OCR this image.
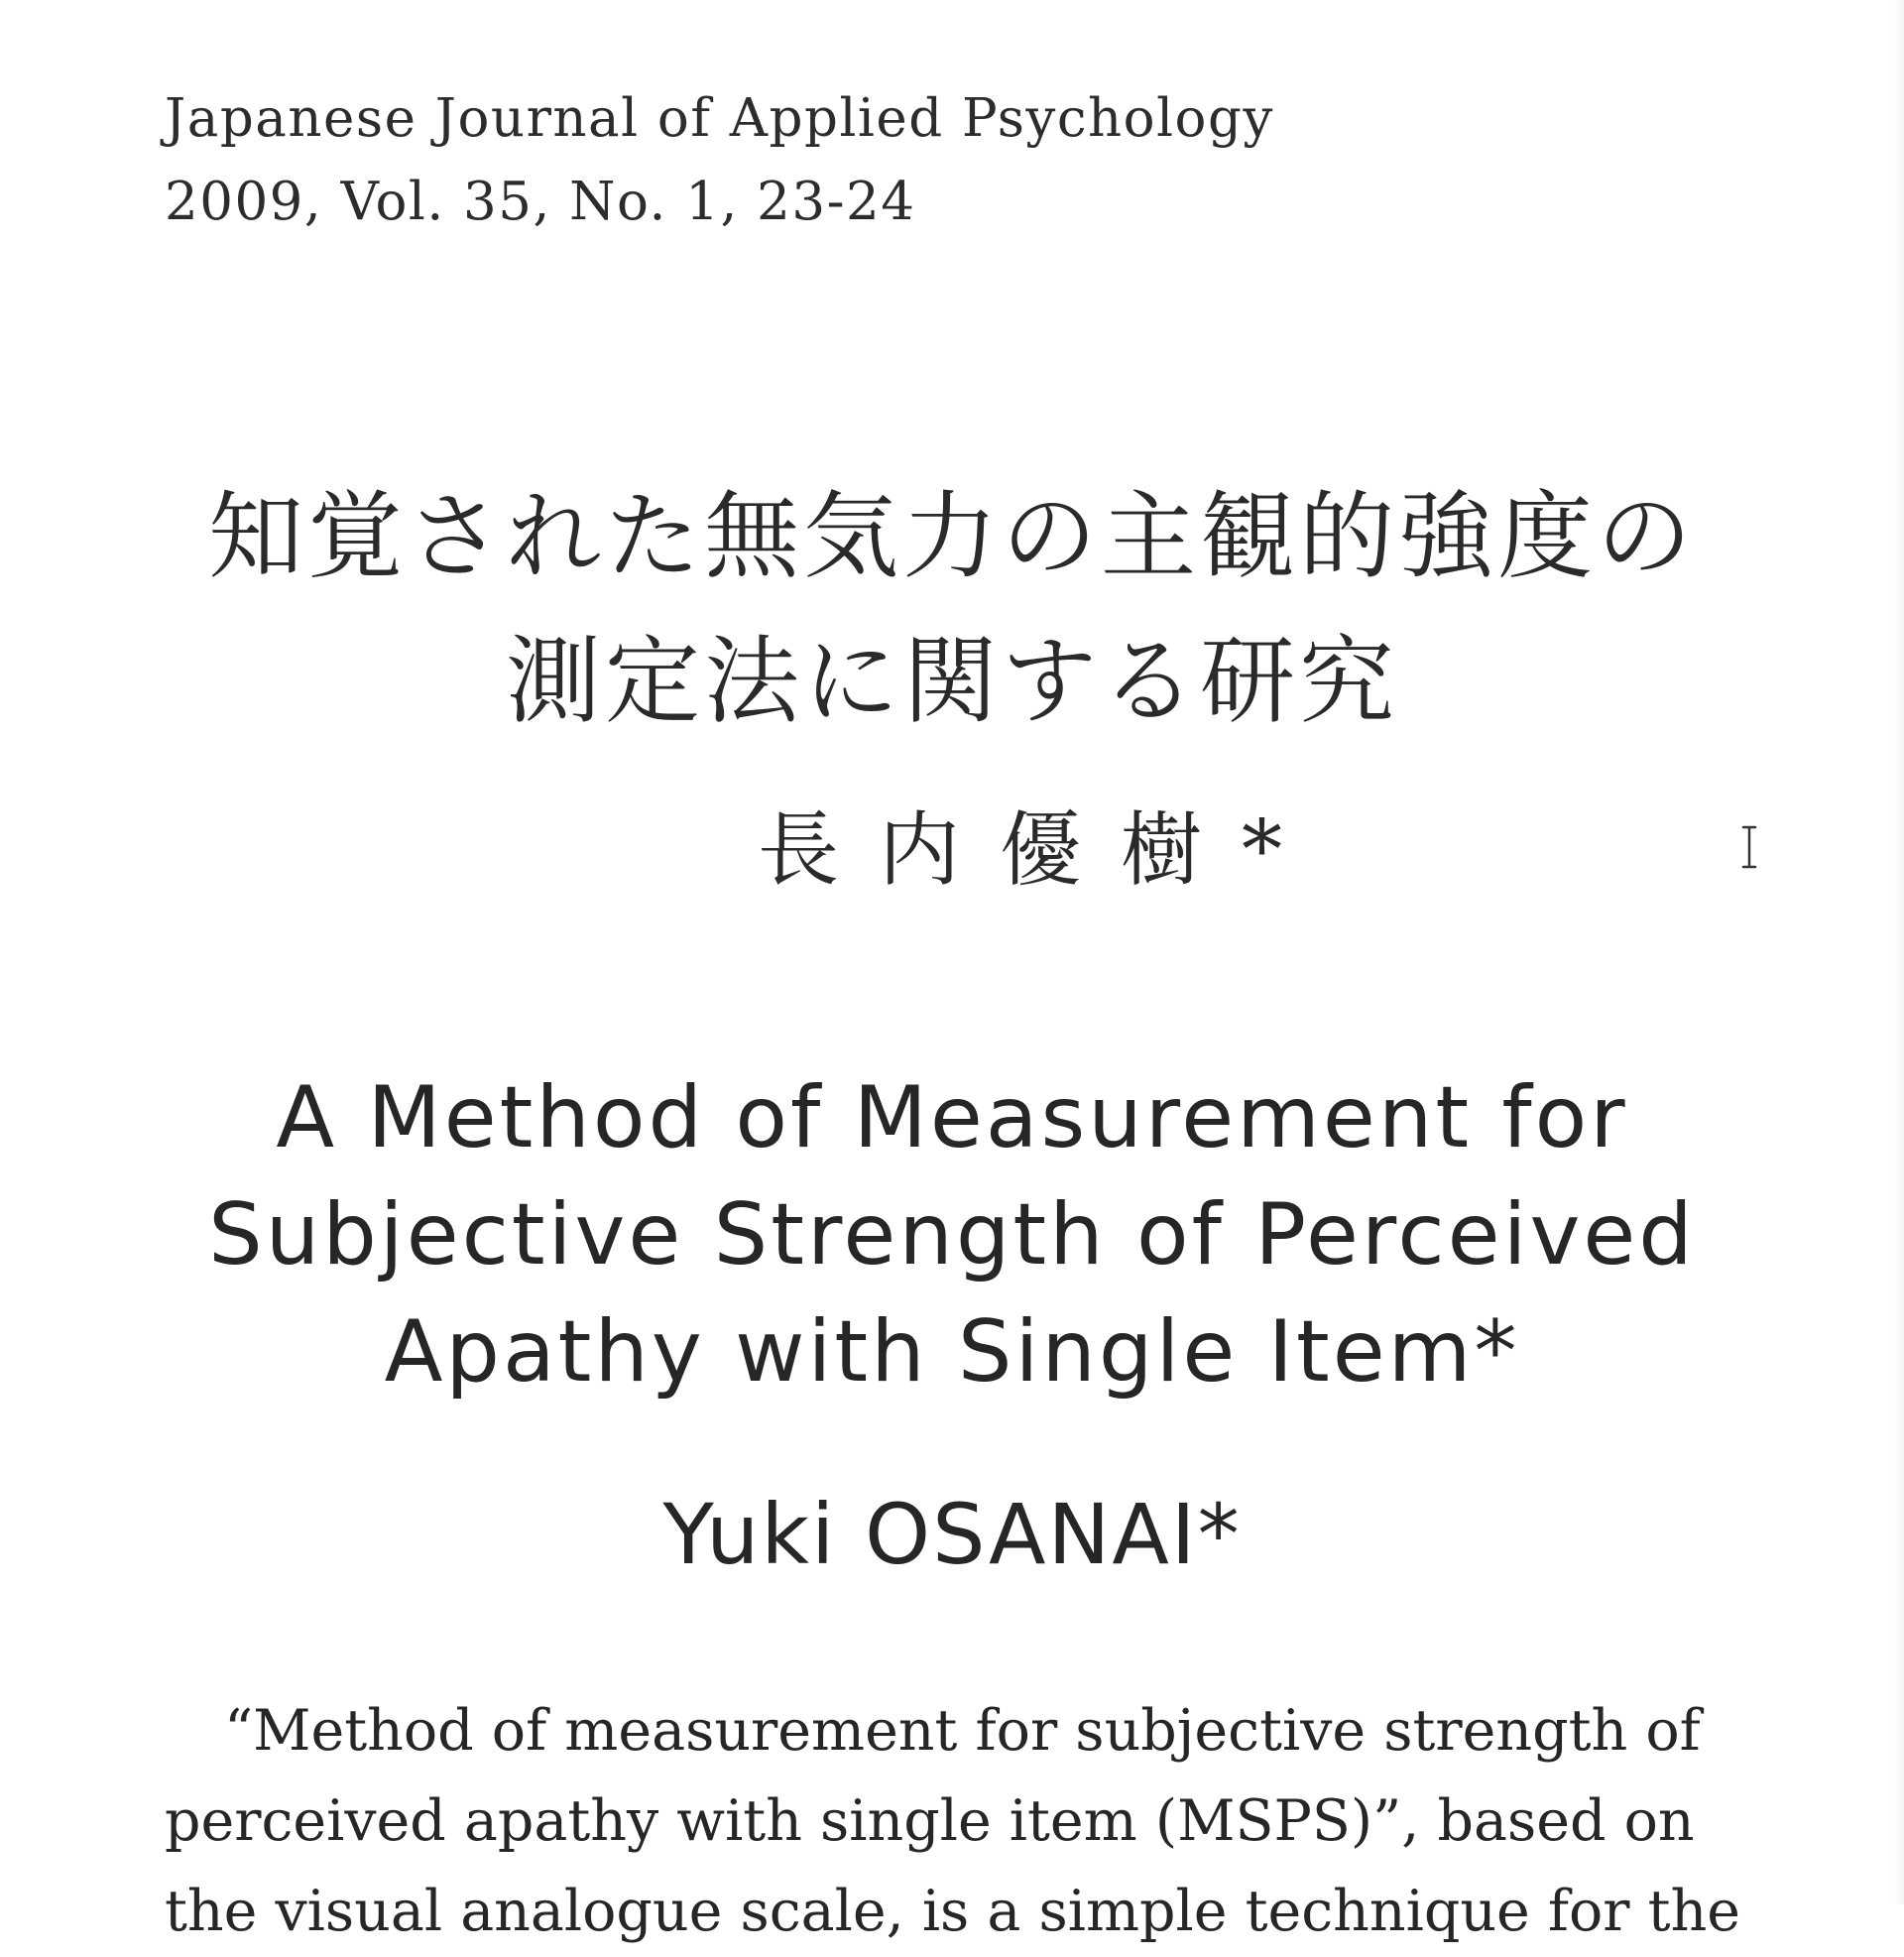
Japanese Journal of Applied Psychology
2009, Vol. 35, No. 1, 23-24
知覚された無気力の主観的強度の
測定法に関する研究
長内優樹*
A Method of Measurement for
Subjective Strength of Perceived
Apathy with Single Item*
Yuki OSANAI*
“Method of measurement for subjective strength of
perceived apathy with single item (MSPS)”, based on
the visual analogue scale, is a simple technique for the
